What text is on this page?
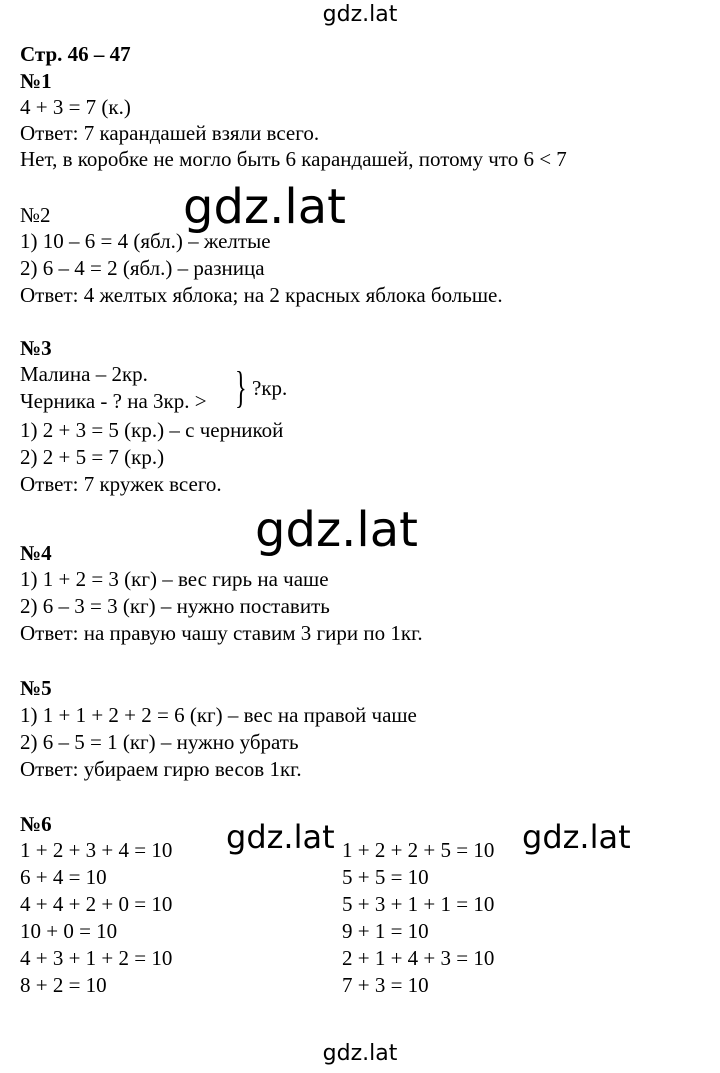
gdz.lat
Стр. 46 – 47
№1
4 + 3 = 7 (к.)
Ответ: 7 карандашей взяли всего.
Нет, в коробке не могло быть 6 карандашей, потому что 6 < 7
gdz.lat
№2
1) 10 – 6 = 4 (ябл.) – желтые
2) 6 – 4 = 2 (ябл.) – разница
Ответ: 4 желтых яблока; на 2 красных яблока больше.
№3
Малина – 2кр.
Черника - ? на 3кр. > } ?кр.
1) 2 + 3 = 5 (кр.) – с черникой
2) 2 + 5 = 7 (кр.)
Ответ: 7 кружек всего.
gdz.lat
№4
1) 1 + 2 = 3 (кг) – вес гирь на чаше
2) 6 – 3 = 3 (кг) – нужно поставить
Ответ: на правую чашу ставим 3 гири по 1кг.
№5
1) 1 + 1 + 2 + 2 = 6 (кг) – вес на правой чаше
2) 6 – 5 = 1 (кг) – нужно убрать
Ответ: убираем гирю весов 1кг.
№6	gdz.lat	gdz.lat
1 + 2 + 3 + 4 = 10
6 + 4 = 10
4 + 4 + 2 + 0 = 10
10 + 0 = 10
4 + 3 + 1 + 2 = 10
8 + 2 = 10
1 + 2 + 2 + 5 = 10
5 + 5 = 10
5 + 3 + 1 + 1 = 10
9 + 1 = 10
2 + 1 + 4 + 3 = 10
7 + 3 = 10
gdz.lat
